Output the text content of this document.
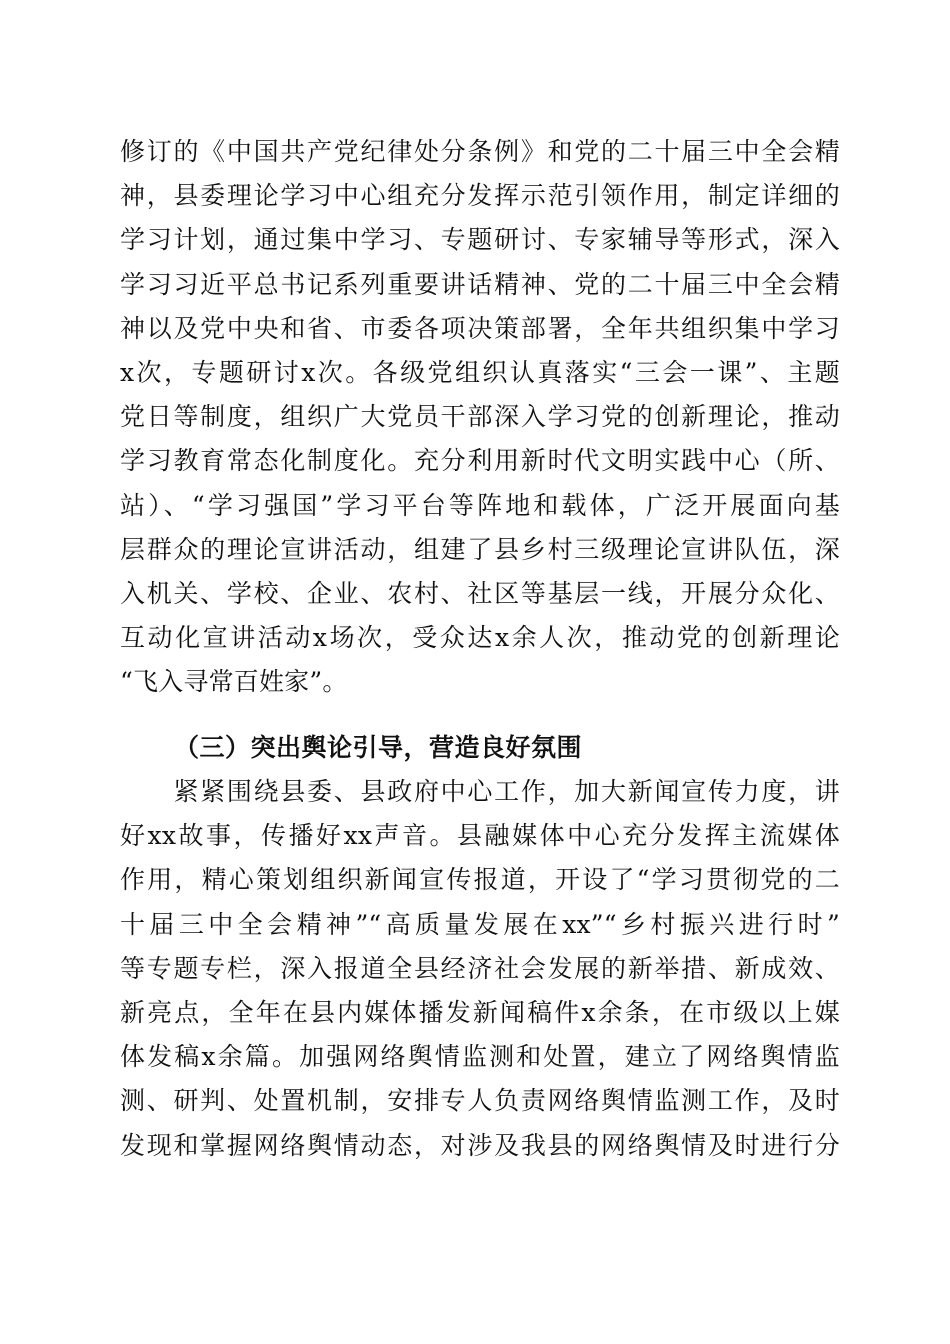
修订的《中国共产党纪律处分条例》和党的二十届三中全会精
神，县委理论学习中心组充分发挥示范引领作用，制定详细的
学习计划，通过集中学习、专题研讨、专家辅导等形式，深入
学习习近平总书记系列重要讲话精神、党的二十届三中全会精
神以及党中央和省、市委各项决策部署，全年共组织集中学习
x次，专题研讨x次。各级党组织认真落实“三会一课”、主题
党日等制度，组织广大党员干部深入学习党的创新理论，推动
学习教育常态化制度化。充分利用新时代文明实践中心（所、
站）、“学习强国”学习平台等阵地和载体，广泛开展面向基
层群众的理论宣讲活动，组建了县乡村三级理论宣讲队伍，深
入机关、学校、企业、农村、社区等基层一线，开展分众化、
互动化宣讲活动x场次，受众达x余人次，推动党的创新理论
“飞入寻常百姓家”。
（三）突出舆论引导，营造良好氛围
　　紧紧围绕县委、县政府中心工作，加大新闻宣传力度，讲
好xx故事，传播好xx声音。县融媒体中心充分发挥主流媒体
作用，精心策划组织新闻宣传报道，开设了“学习贯彻党的二
十届三中全会精神”“高质量发展在xx”“乡村振兴进行时”
等专题专栏，深入报道全县经济社会发展的新举措、新成效、
新亮点，全年在县内媒体播发新闻稿件x余条，在市级以上媒
体发稿x余篇。加强网络舆情监测和处置，建立了网络舆情监
测、研判、处置机制，安排专人负责网络舆情监测工作，及时
发现和掌握网络舆情动态，对涉及我县的网络舆情及时进行分
